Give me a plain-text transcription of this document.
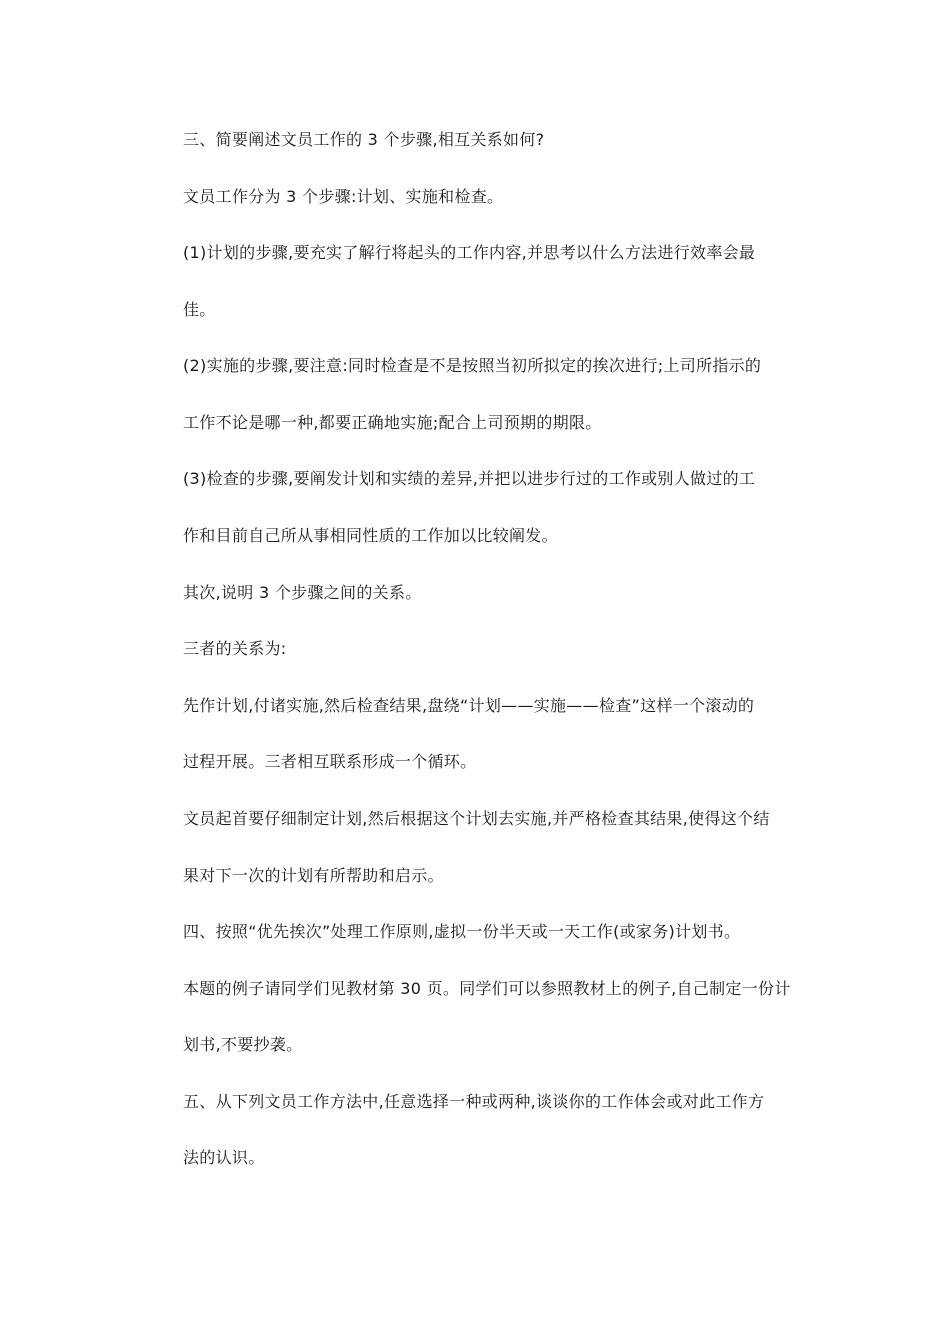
三、简要阐述文员工作的 3 个步骤,相互关系如何?

文员工作分为 3 个步骤:计划、实施和检查。

(1)计划的步骤,要充实了解行将起头的工作内容,并思考以什么方法进行效率会最

佳。

(2)实施的步骤,要注意:同时检查是不是按照当初所拟定的挨次进行;上司所指示的

工作不论是哪一种,都要正确地实施;配合上司预期的期限。

(3)检查的步骤,要阐发计划和实绩的差异,并把以进步行过的工作或别人做过的工

作和目前自己所从事相同性质的工作加以比较阐发。

其次,说明 3 个步骤之间的关系。

三者的关系为:

先作计划,付诸实施,然后检查结果,盘绕“计划——实施——检查”这样一个滚动的

过程开展。三者相互联系形成一个循环。

文员起首要仔细制定计划,然后根据这个计划去实施,并严格检查其结果,使得这个结

果对下一次的计划有所帮助和启示。

四、按照“优先挨次”处理工作原则,虚拟一份半天或一天工作(或家务)计划书。

本题的例子请同学们见教材第 30 页。同学们可以参照教材上的例子,自己制定一份计

划书,不要抄袭。

五、从下列文员工作方法中,任意选择一种或两种,谈谈你的工作体会或对此工作方

法的认识。
